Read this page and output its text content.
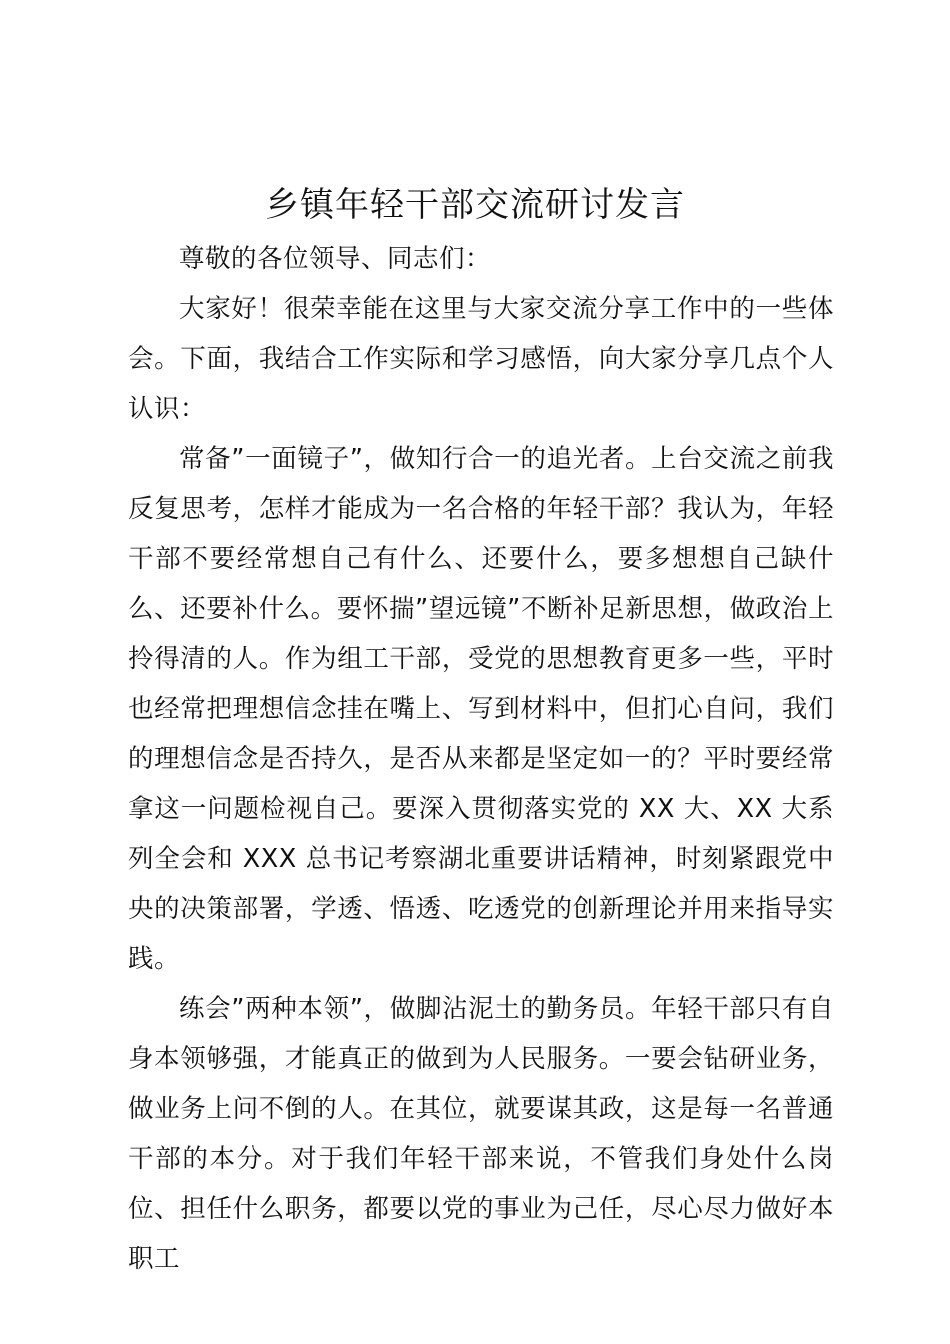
乡镇年轻干部交流研讨发言

尊敬的各位领导、同志们：

大家好！很荣幸能在这里与大家交流分享工作中的一些体会。下面，我结合工作实际和学习感悟，向大家分享几点个人认识：

常备”一面镜子”，做知行合一的追光者。上台交流之前我反复思考，怎样才能成为一名合格的年轻干部？我认为，年轻干部不要经常想自己有什么、还要什么，要多想想自己缺什么、还要补什么。要怀揣”望远镜”不断补足新思想，做政治上拎得清的人。作为组工干部，受党的思想教育更多一些，平时也经常把理想信念挂在嘴上、写到材料中，但扪心自问，我们的理想信念是否持久，是否从来都是坚定如一的？平时要经常拿这一问题检视自己。要深入贯彻落实党的 XX 大、XX 大系列全会和 XXX 总书记考察湖北重要讲话精神，时刻紧跟党中央的决策部署，学透、悟透、吃透党的创新理论并用来指导实践。

练会”两种本领”，做脚沾泥土的勤务员。年轻干部只有自身本领够强，才能真正的做到为人民服务。一要会钻研业务，做业务上问不倒的人。在其位，就要谋其政，这是每一名普通干部的本分。对于我们年轻干部来说，不管我们身处什么岗位、担任什么职务，都要以党的事业为己任，尽心尽力做好本职工
